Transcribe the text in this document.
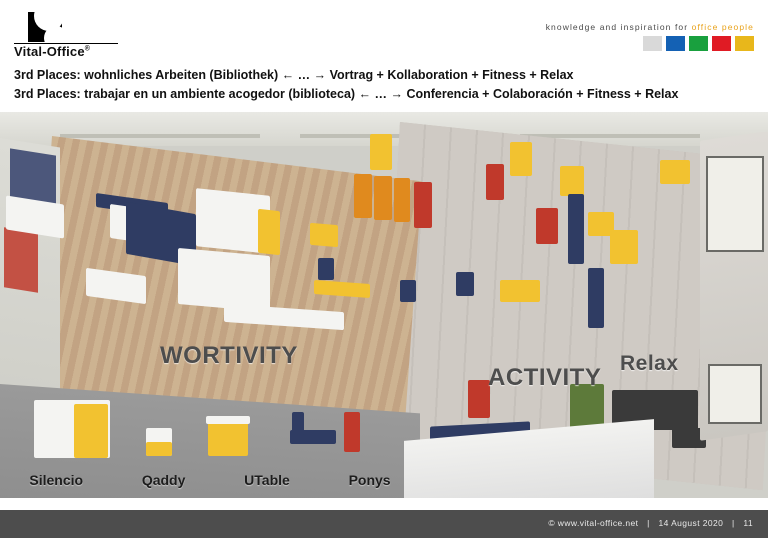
Vital-Office®
knowledge and inspiration for office people
3rd Places: wohnliches Arbeiten (Bibliothek) ← … → Vortrag + Kollaboration + Fitness + Relax
3rd Places: trabajar en un ambiente acogedor (biblioteca) ← … → Conferencia + Colaboración + Fitness + Relax
WORTIVITY
ACTIVITY
Relax
Silencio	Qaddy	UTable	Ponys
© www.vital-office.net | 14 August 2020 | 11
